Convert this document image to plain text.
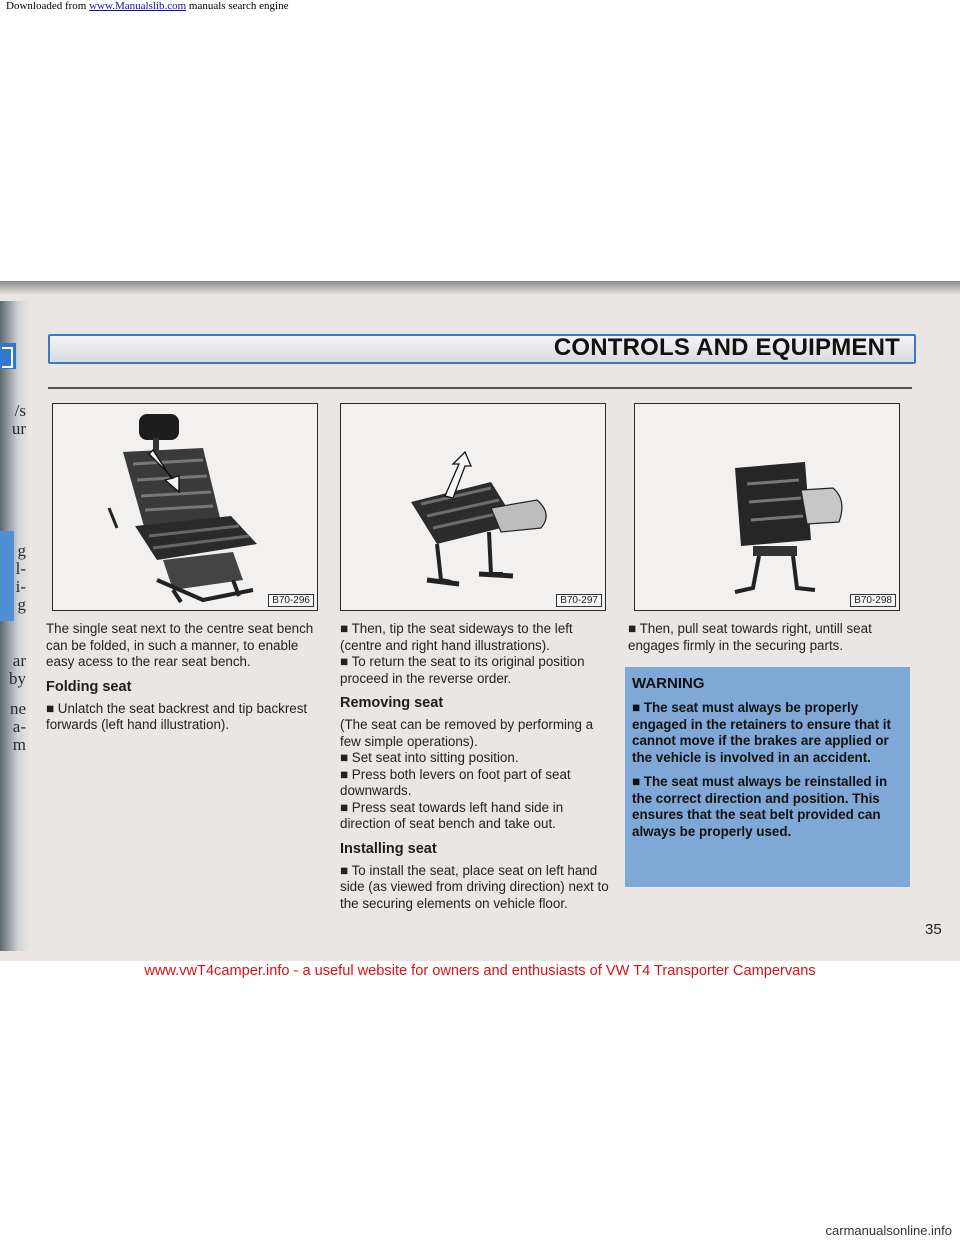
Downloaded from www.Manualslib.com manuals search engine
/s
ur
g
l-
i-
g
ar
by
ne
a-
m
CONTROLS AND EQUIPMENT
B70-296	B70-297	B70-298

The single seat next to the centre seat bench can be folded, in such a manner, to enable easy acess to the rear seat bench.

Folding seat

■ Unlatch the seat backrest and tip backrest forwards (left hand illustration).

■ Then, tip the seat sideways to the left (centre and right hand illustrations).

■ To return the seat to its original position proceed in the reverse order.

Removing seat

(The seat can be removed by performing a few simple operations).

■ Set seat into sitting position.

■ Press both levers on foot part of seat downwards.

■ Press seat towards left hand side in direction of seat bench and take out.

Installing seat

■ To install the seat, place seat on left hand side (as viewed from driving direction) next to the securing elements on vehicle floor.

■ Then, pull seat towards right, untill seat engages firmly in the securing parts.

WARNING

■ The seat must always be properly engaged in the retainers to ensure that it cannot move if the brakes are applied or the vehicle is involved in an accident.

■ The seat must always be reinstalled in the correct direction and position. This ensures that the seat belt provided can always be properly used.

35
www.vwT4camper.info - a useful website for owners and enthusiasts of VW T4 Transporter Campervans
carmanualsonline.info
